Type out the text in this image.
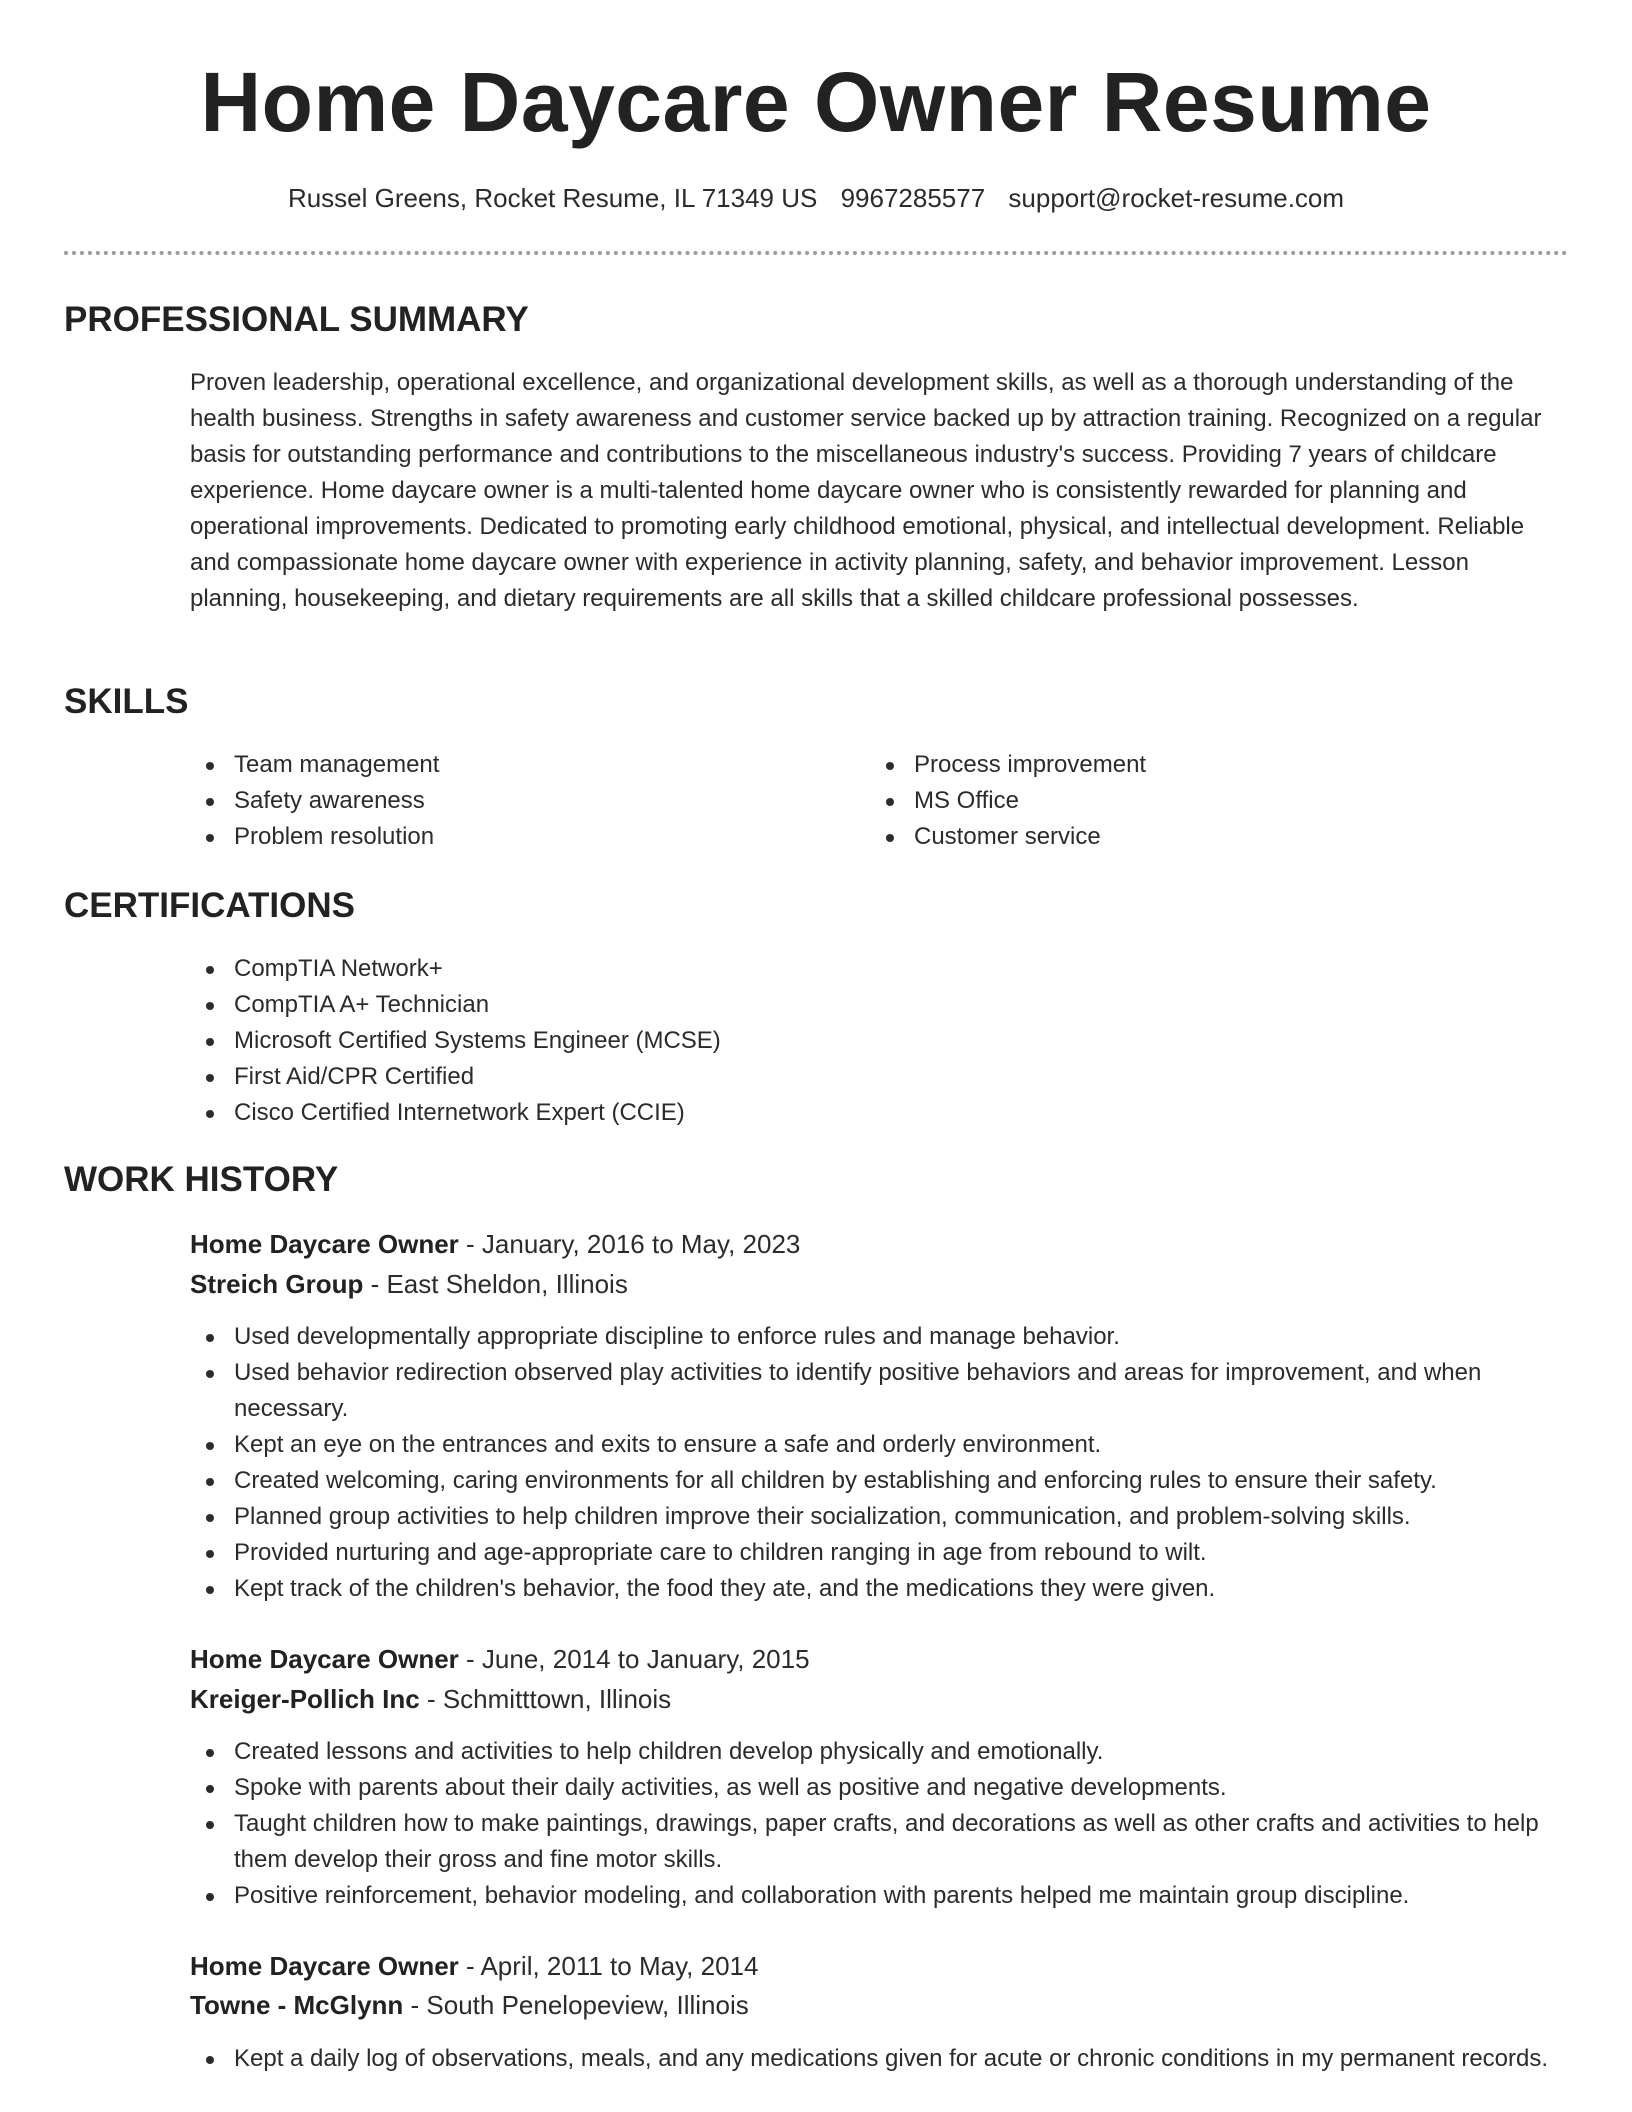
Home Daycare Owner Resume
Russel Greens, Rocket Resume, IL 71349 US 9967285577 support@rocket-resume.com
PROFESSIONAL SUMMARY

Proven leadership, operational excellence, and organizational development skills, as well as a thorough understanding of the health business. Strengths in safety awareness and customer service backed up by attraction training. Recognized on a regular basis for outstanding performance and contributions to the miscellaneous industry's success. Providing 7 years of childcare experience. Home daycare owner is a multi-talented home daycare owner who is consistently rewarded for planning and operational improvements. Dedicated to promoting early childhood emotional, physical, and intellectual development. Reliable and compassionate home daycare owner with experience in activity planning, safety, and behavior improvement. Lesson planning, housekeeping, and dietary requirements are all skills that a skilled childcare professional possesses.

SKILLS
Team management
Safety awareness
Problem resolution
Process improvement
MS Office
Customer service
CERTIFICATIONS
CompTIA Network+
CompTIA A+ Technician
Microsoft Certified Systems Engineer (MCSE)
First Aid/CPR Certified
Cisco Certified Internetwork Expert (CCIE)
WORK HISTORY
Home Daycare Owner - January, 2016 to May, 2023
Streich Group - East Sheldon, Illinois
Used developmentally appropriate discipline to enforce rules and manage behavior.
Used behavior redirection observed play activities to identify positive behaviors and areas for improvement, and when necessary.
Kept an eye on the entrances and exits to ensure a safe and orderly environment.
Created welcoming, caring environments for all children by establishing and enforcing rules to ensure their safety.
Planned group activities to help children improve their socialization, communication, and problem-solving skills.
Provided nurturing and age-appropriate care to children ranging in age from rebound to wilt.
Kept track of the children's behavior, the food they ate, and the medications they were given.
Home Daycare Owner - June, 2014 to January, 2015
Kreiger-Pollich Inc - Schmitttown, Illinois
Created lessons and activities to help children develop physically and emotionally.
Spoke with parents about their daily activities, as well as positive and negative developments.
Taught children how to make paintings, drawings, paper crafts, and decorations as well as other crafts and activities to help them develop their gross and fine motor skills.
Positive reinforcement, behavior modeling, and collaboration with parents helped me maintain group discipline.
Home Daycare Owner - April, 2011 to May, 2014
Towne - McGlynn - South Penelopeview, Illinois
Kept a daily log of observations, meals, and any medications given for acute or chronic conditions in my permanent records.
